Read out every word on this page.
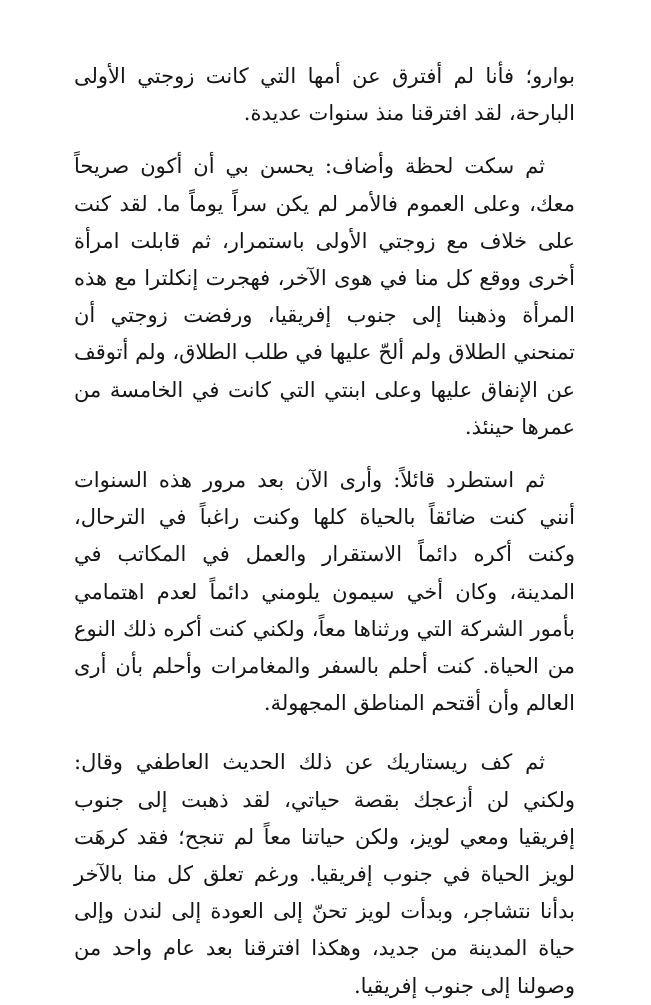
بوارو؛ فأنا لم أفترق عن أمها التي كانت زوجتي الأولى البارحة، لقد افترقنا منذ سنوات عديدة.

ثم سكت لحظة وأضاف: يحسن بي أن أكون صريحاً معك، وعلى العموم فالأمر لم يكن سراً يوماً ما. لقد كنت على خلاف مع زوجتي الأولى باستمرار، ثم قابلت امرأة أخرى ووقع كل منا في هوى الآخر، فهجرت إنكلترا مع هذه المرأة وذهبنا إلى جنوب إفريقيا، ورفضت زوجتي أن تمنحني الطلاق ولم ألحّ عليها في طلب الطلاق، ولم أتوقف عن الإنفاق عليها وعلى ابنتي التي كانت في الخامسة من عمرها حينئذ.

ثم استطرد قائلاً: وأرى الآن بعد مرور هذه السنوات أنني كنت ضائقاً بالحياة كلها وكنت راغباً في الترحال، وكنت أكره دائماً الاستقرار والعمل في المكاتب في المدينة، وكان أخي سيمون يلومني دائماً لعدم اهتمامي بأمور الشركة التي ورثناها معاً، ولكني كنت أكره ذلك النوع من الحياة. كنت أحلم بالسفر والمغامرات وأحلم بأن أرى العالم وأن أقتحم المناطق المجهولة.

ثم كف ريستاريك عن ذلك الحديث العاطفي وقال: ولكني لن أزعجك بقصة حياتي، لقد ذهبت إلى جنوب إفريقيا ومعي لويز، ولكن حياتنا معاً لم تنجح؛ فقد كرهَت لويز الحياة في جنوب إفريقيا. ورغم تعلق كل منا بالآخر بدأنا نتشاجر، وبدأت لويز تحنّ إلى العودة إلى لندن وإلى حياة المدينة من جديد، وهكذا افترقنا بعد عام واحد من وصولنا إلى جنوب إفريقيا.
